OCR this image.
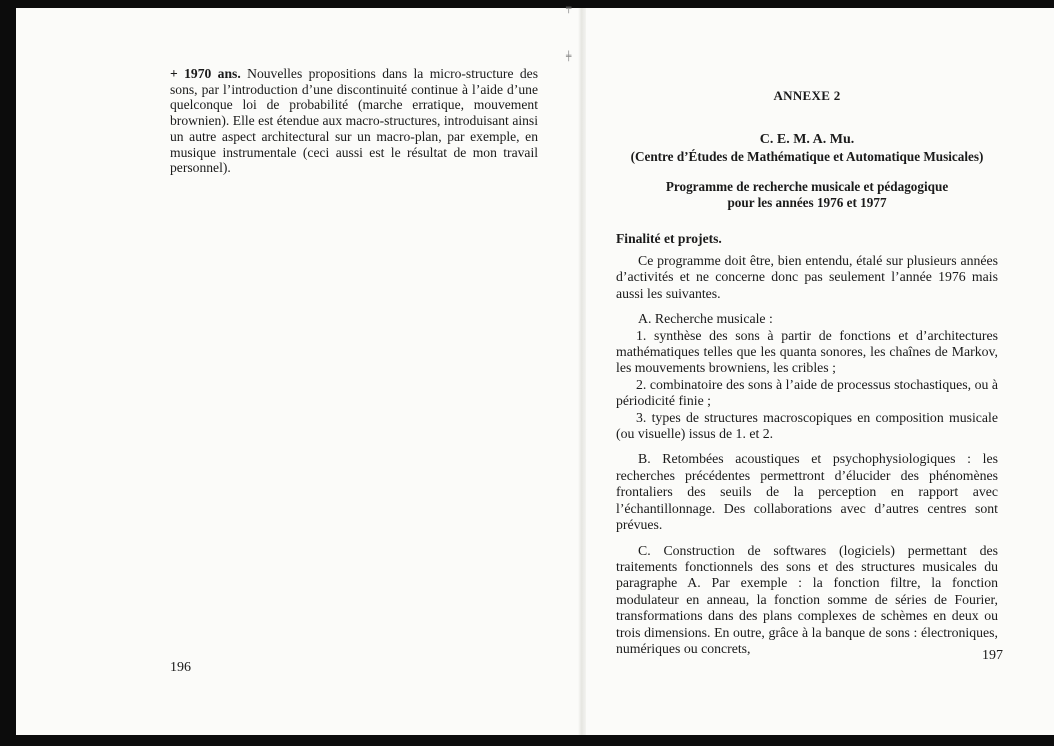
╤
╪

+ 1970 ans. Nouvelles propositions dans la micro-structure des sons, par l’introduction d’une discontinuité continue à l’aide d’une quelconque loi de probabilité (marche erratique, mouvement brownien). Elle est étendue aux macro-structures, introduisant ainsi un autre aspect architectural sur un macro-plan, par exemple, en musique instrumentale (ceci aussi est le résultat de mon travail personnel).

196

ANNEXE 2

C. E. M. A. Mu.

(Centre d’Études de Mathématique et Automatique Musicales)

Programme de recherche musicale et pédagogique
pour les années 1976 et 1977

Finalité et projets.

Ce programme doit être, bien entendu, étalé sur plusieurs années d’activités et ne concerne donc pas seulement l’année 1976 mais aussi les suivantes.

A. Recherche musicale :

1. synthèse des sons à partir de fonctions et d’architectures mathématiques telles que les quanta sonores, les chaînes de Markov, les mouvements browniens, les cribles ;

2. combinatoire des sons à l’aide de processus stochastiques, ou à périodicité finie ;

3. types de structures macroscopiques en composition musicale (ou visuelle) issus de 1. et 2.

B. Retombées acoustiques et psychophysiologiques : les recherches précédentes permettront d’élucider des phénomènes frontaliers des seuils de la perception en rapport avec l’échantillonnage. Des collaborations avec d’autres centres sont prévues.

C. Construction de softwares (logiciels) permettant des traitements fonctionnels des sons et des structures musicales du paragraphe A. Par exemple : la fonction filtre, la fonction modulateur en anneau, la fonction somme de séries de Fourier, transformations dans des plans complexes de schèmes en deux ou trois dimensions. En outre, grâce à la banque de sons : électroniques, numériques ou concrets,	197
